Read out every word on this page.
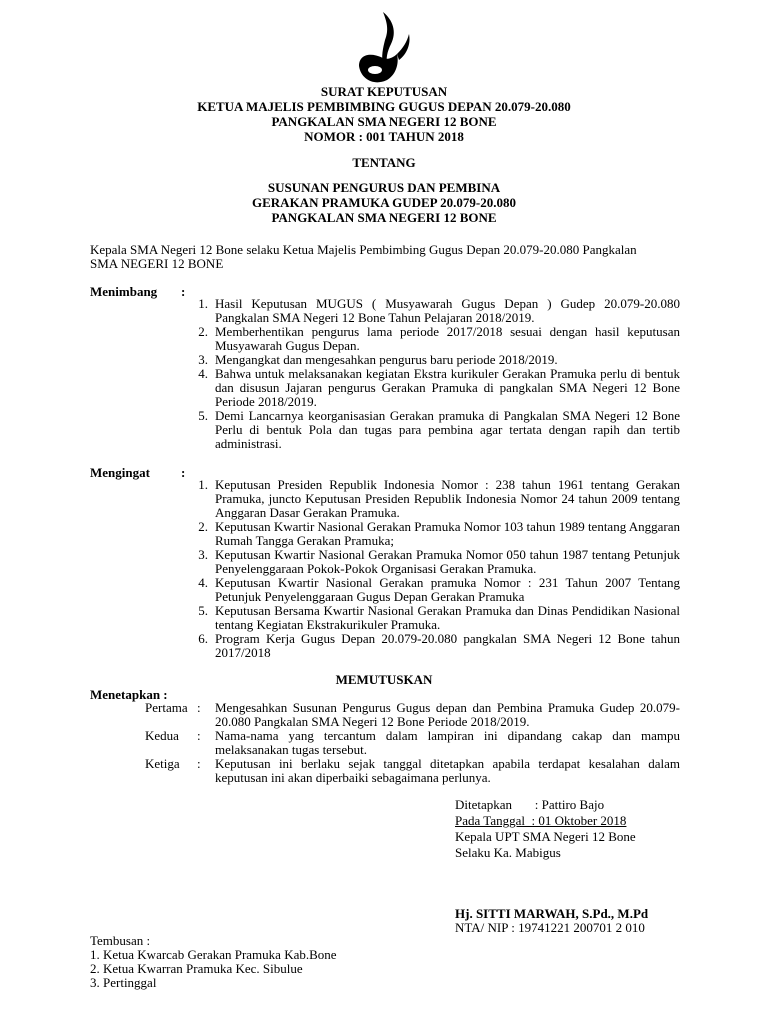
SURAT KEPUTUSAN
KETUA MAJELIS PEMBIMBING GUGUS DEPAN 20.079-20.080
PANGKALAN SMA NEGERI 12 BONE
NOMOR : 001 TAHUN 2018
TENTANG
SUSUNAN PENGURUS DAN PEMBINA
GERAKAN PRAMUKA GUDEP 20.079-20.080
PANGKALAN SMA NEGERI 12 BONE
Kepala SMA Negeri 12 Bone selaku Ketua Majelis Pembimbing Gugus Depan 20.079-20.080 Pangkalan
SMA NEGERI 12 BONE
Menimbang :
1. Hasil Keputusan MUGUS ( Musyawarah Gugus Depan ) Gudep 20.079-20.080 Pangkalan SMA Negeri 12 Bone Tahun Pelajaran 2018/2019.
2. Memberhentikan pengurus lama periode 2017/2018 sesuai dengan hasil keputusan Musyawarah Gugus Depan.
3. Mengangkat dan mengesahkan pengurus baru periode 2018/2019.
4. Bahwa untuk melaksanakan kegiatan Ekstra kurikuler Gerakan Pramuka perlu di bentuk dan disusun Jajaran pengurus Gerakan Pramuka di pangkalan SMA Negeri 12 Bone Periode 2018/2019.
5. Demi Lancarnya keorganisasian Gerakan pramuka di Pangkalan SMA Negeri 12 Bone Perlu di bentuk Pola dan tugas para pembina agar tertata dengan rapih dan tertib administrasi.
Mengingat :
1. Keputusan Presiden Republik Indonesia Nomor : 238 tahun 1961 tentang Gerakan Pramuka, juncto Keputusan Presiden Republik Indonesia Nomor 24 tahun 2009 tentang Anggaran Dasar Gerakan Pramuka.
2. Keputusan Kwartir Nasional Gerakan Pramuka Nomor 103 tahun 1989 tentang Anggaran Rumah Tangga Gerakan Pramuka;
3. Keputusan Kwartir Nasional Gerakan Pramuka Nomor 050 tahun 1987 tentang Petunjuk Penyelenggaraan Pokok-Pokok Organisasi Gerakan Pramuka.
4. Keputusan Kwartir Nasional Gerakan pramuka Nomor : 231 Tahun 2007 Tentang Petunjuk Penyelenggaraan Gugus Depan Gerakan Pramuka
5. Keputusan Bersama Kwartir Nasional Gerakan Pramuka dan Dinas Pendidikan Nasional tentang Kegiatan Ekstrakurikuler Pramuka.
6. Program Kerja Gugus Depan 20.079-20.080 pangkalan SMA Negeri 12 Bone tahun 2017/2018
MEMUTUSKAN
Menetapkan :
Pertama : Mengesahkan Susunan Pengurus Gugus depan dan Pembina Pramuka Gudep 20.079-20.080 Pangkalan SMA Negeri 12 Bone Periode 2018/2019.
Kedua : Nama-nama yang tercantum dalam lampiran ini dipandang cakap dan mampu melaksanakan tugas tersebut.
Ketiga : Keputusan ini berlaku sejak tanggal ditetapkan apabila terdapat kesalahan dalam keputusan ini akan diperbaiki sebagaimana perlunya.
Ditetapkan       : Pattiro Bajo
Pada Tanggal  : 01 Oktober 2018
Kepala UPT SMA Negeri 12 Bone
Selaku Ka. Mabigus
Hj. SITTI MARWAH, S.Pd., M.Pd
NTA/ NIP : 19741221 200701 2 010
Tembusan :
1. Ketua Kwarcab Gerakan Pramuka Kab.Bone
2. Ketua Kwarran Pramuka Kec. Sibulue
3. Pertinggal
